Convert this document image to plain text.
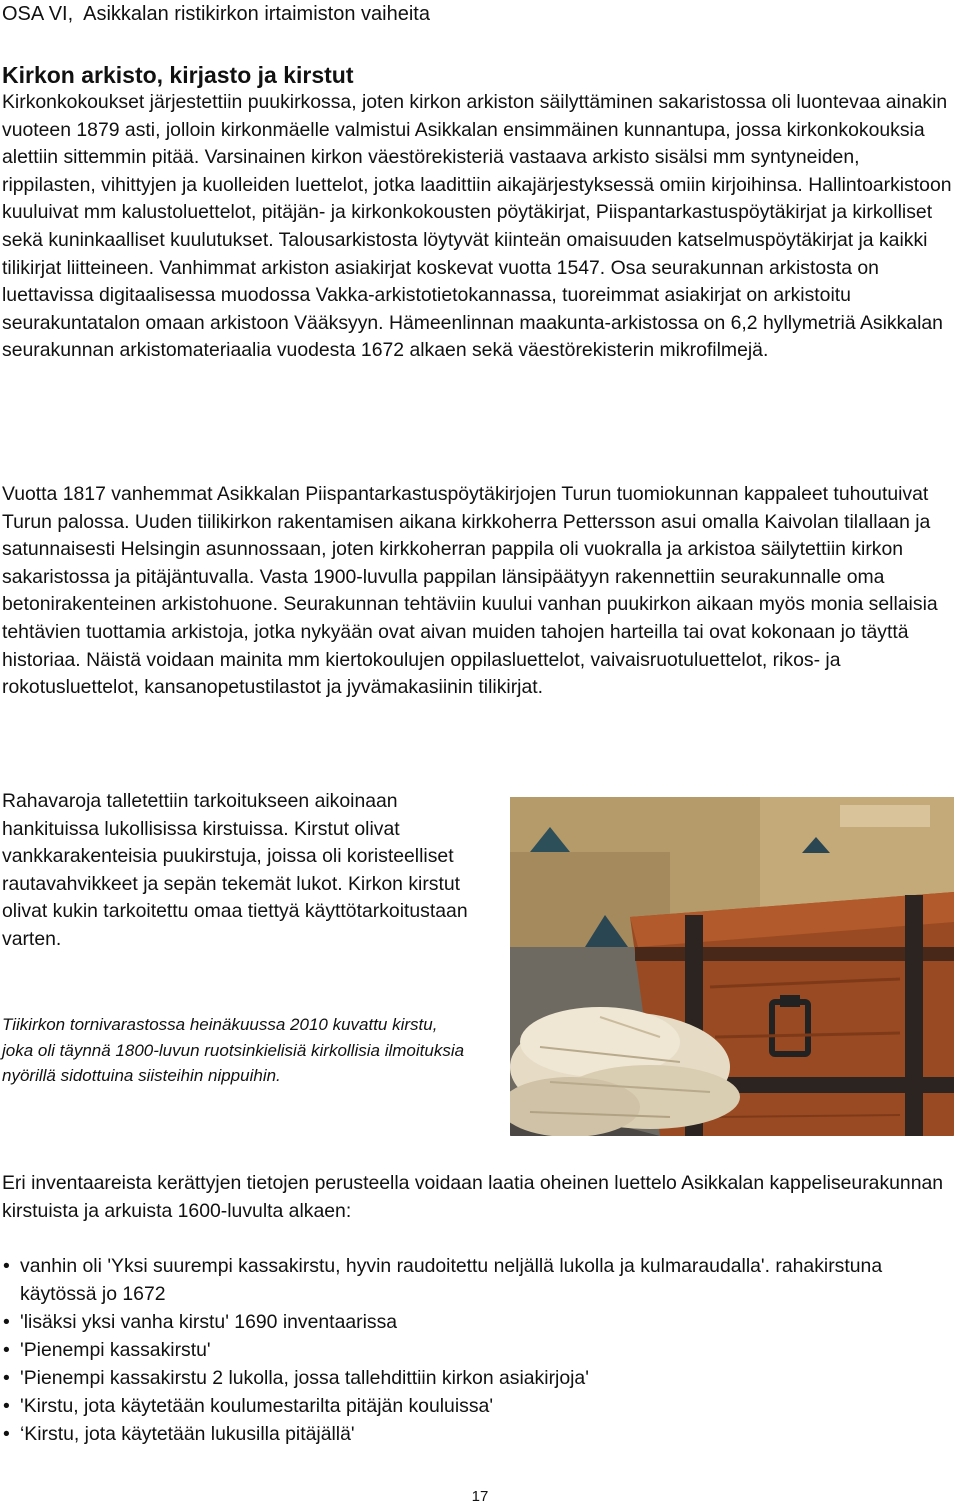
OSA VI,  Asikkalan ristikirkon irtaimiston vaiheita
Kirkon arkisto, kirjasto ja kirstut

Kirkonkokoukset järjestettiin puukirkossa, joten kirkon arkiston säilyttäminen sakaristossa oli luontevaa ainakin vuoteen 1879 asti, jolloin kirkonmäelle valmistui Asikkalan ensimmäinen kunnantupa, jossa kirkonkokouksia alettiin sittemmin pitää. Varsinainen kirkon väestörekisteriä vastaava arkisto sisälsi mm syntyneiden, rippilasten, vihittyjen ja kuolleiden luettelot, jotka laadittiin aikajärjestyksessä omiin kirjoihinsa. Hallintoarkistoon kuuluivat mm kalustoluettelot, pitäjän- ja kirkonkokousten pöytäkirjat, Piispantarkastuspöytäkirjat ja kirkolliset sekä kuninkaalliset kuulutukset. Talousarkistosta löytyvät kiinteän omaisuuden katselmuspöytäkirjat ja kaikki tilikirjat liitteineen. Vanhimmat arkiston asiakirjat koskevat vuotta 1547. Osa seurakunnan arkistosta on luettavissa digitaalisessa muodossa Vakka-arkistotietokannassa, tuoreimmat asiakirjat on arkistoitu seurakuntatalon omaan arkistoon Vääksyyn. Hämeenlinnan maakunta-arkistossa on 6,2 hyllymetriä Asikkalan seurakunnan arkistomateriaalia vuodesta 1672 alkaen sekä väestörekisterin mikrofilmejä.

Vuotta 1817 vanhemmat Asikkalan Piispantarkastuspöytäkirjojen Turun tuomiokunnan kappaleet tuhoutuivat Turun palossa. Uuden tiilikirkon rakentamisen aikana kirkkoherra Pettersson asui omalla Kaivolan tilallaan ja satunnaisesti Helsingin asunnossaan, joten kirkkoherran pappila oli vuokralla ja arkistoa säilytettiin kirkon sakaristossa ja pitäjäntuvalla. Vasta 1900-luvulla pappilan länsipäätyyn rakennettiin seurakunnalle oma betonirakenteinen arkistohuone. Seurakunnan tehtäviin kuului vanhan puukirkon aikaan myös monia sellaisia tehtävien tuottamia arkistoja, jotka nykyään ovat aivan muiden tahojen harteilla tai ovat kokonaan jo täyttä historiaa. Näistä voidaan mainita mm kiertokoulujen oppilasluettelot, vaivaisruotuluettelot, rikos- ja rokotusluettelot, kansanopetustilastot ja jyvämakasiinin tilikirjat.

Rahavaroja talletettiin tarkoitukseen aikoinaan hankituissa lukollisissa kirstuissa. Kirstut olivat vankkarakenteisia puukirstuja, joissa oli koristeelliset rautavahvikkeet ja sepän tekemät lukot. Kirkon kirstut olivat kukin tarkoitettu omaa tiettyä käyttötarkoitustaan varten.

Tiikirkon tornivarastossa heinäkuussa 2010 kuvattu kirstu, joka oli täynnä 1800-luvun ruotsinkielisiä kirkollisia ilmoituksia nyörillä sidottuina siisteihin nippuihin.

Eri inventaareista kerättyjen tietojen perusteella voidaan laatia oheinen luettelo Asikkalan kappeliseurakunnan kirstuista ja arkuista 1600-luvulta alkaen:

• vanhin oli 'Yksi suurempi kassakirstu, hyvin raudoitettu neljällä lukolla ja kulmaraudalla'. rahakirstuna käytössä jo 1672
• 'lisäksi yksi vanha kirstu' 1690 inventaarissa
• 'Pienempi kassakirstu'
• 'Pienempi kassakirstu 2 lukolla, jossa tallehdittiin kirkon asiakirjoja'
• 'Kirstu, jota käytetään koulumestarilta pitäjän kouluissa'
• ‘Kirstu, jota käytetään lukusilla pitäjällä'
17
